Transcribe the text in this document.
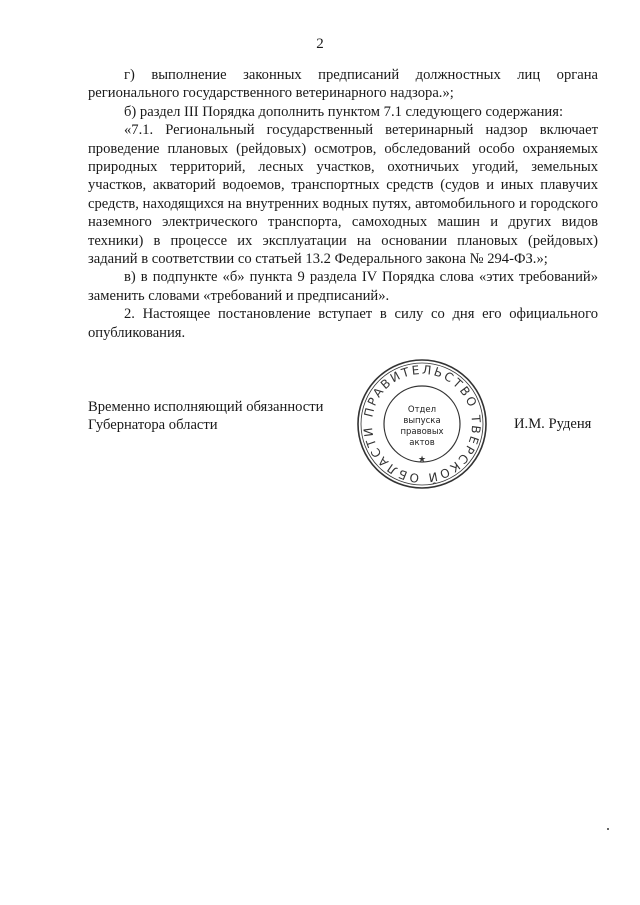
2

г) выполнение законных предписаний должностных лиц органа регионального государственного ветеринарного надзора.»;

б) раздел III Порядка дополнить пунктом 7.1 следующего содержания:

«7.1. Региональный государственный ветеринарный надзор включает проведение плановых (рейдовых) осмотров, обследований особо охраняемых природных территорий, лесных участков, охотничьих угодий, земельных участков, акваторий водоемов, транспортных средств (судов и иных плавучих средств, находящихся на внутренних водных путях, автомобильного и городского наземного электрического транспорта, самоходных машин и других видов техники) в процессе их эксплуатации на основании плановых (рейдовых) заданий в соответствии со статьей 13.2 Федерального закона № 294-ФЗ.»;

в) в подпункте «б» пункта 9 раздела IV Порядка слова «этих требований» заменить словами «требований и предписаний».

2. Настоящее постановление вступает в силу со дня его официального опубликования.

Временно исполняющий обязанности
Губернатора области
ПРАВИТЕЛЬСТВО ТВЕРСКОЙ ОБЛАСТИ
★
Отдел
выпуска
правовых
актов
И.М. Руденя
